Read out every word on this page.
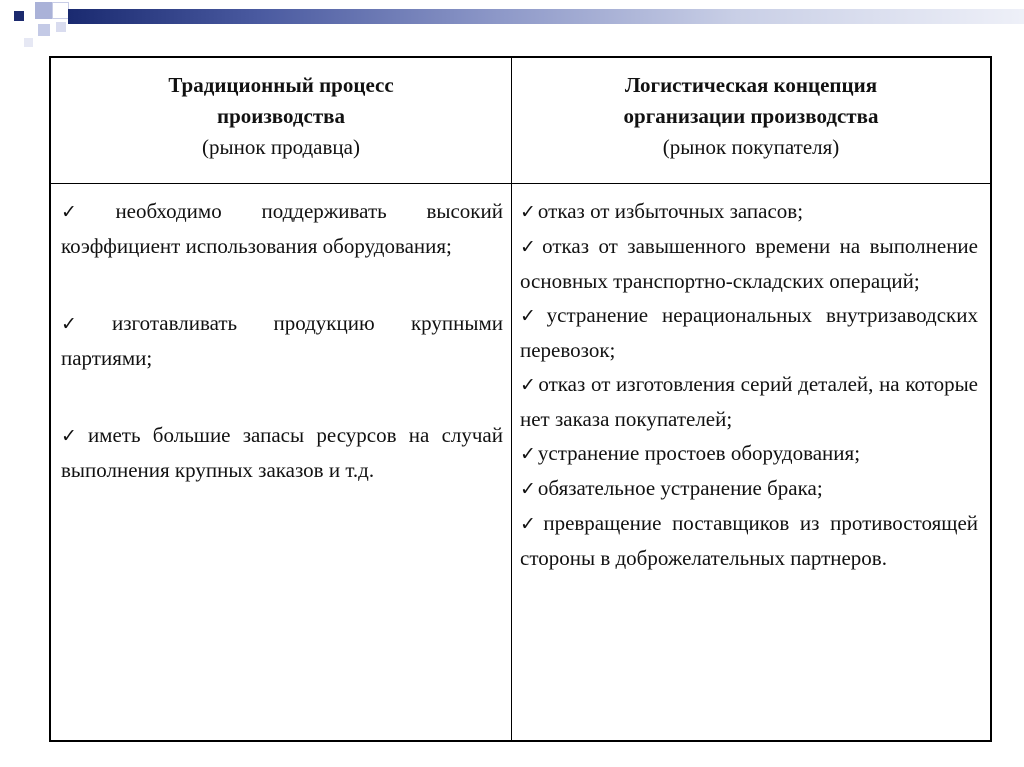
Традиционный процесс
производства
(рынок продавца)
Логистическая концепция
организации производства
(рынок покупателя)
✓ необходимо поддерживать высокий коэффициент использования оборудования;
✓ изготавливать продукцию крупными партиями;
✓ иметь большие запасы ресурсов на случай выполнения крупных заказов и т.д.
✓отказ от избыточных запасов;
✓отказ от завышенного времени на выполнение основных транспортно-складских операций;
✓устранение нерациональных внутризаводских перевозок;
✓отказ от изготовления серий деталей, на которые нет заказа покупателей;
✓устранение простоев оборудования;
✓обязательное устранение брака;
✓превращение поставщиков из противостоящей стороны в доброжелательных партнеров.
